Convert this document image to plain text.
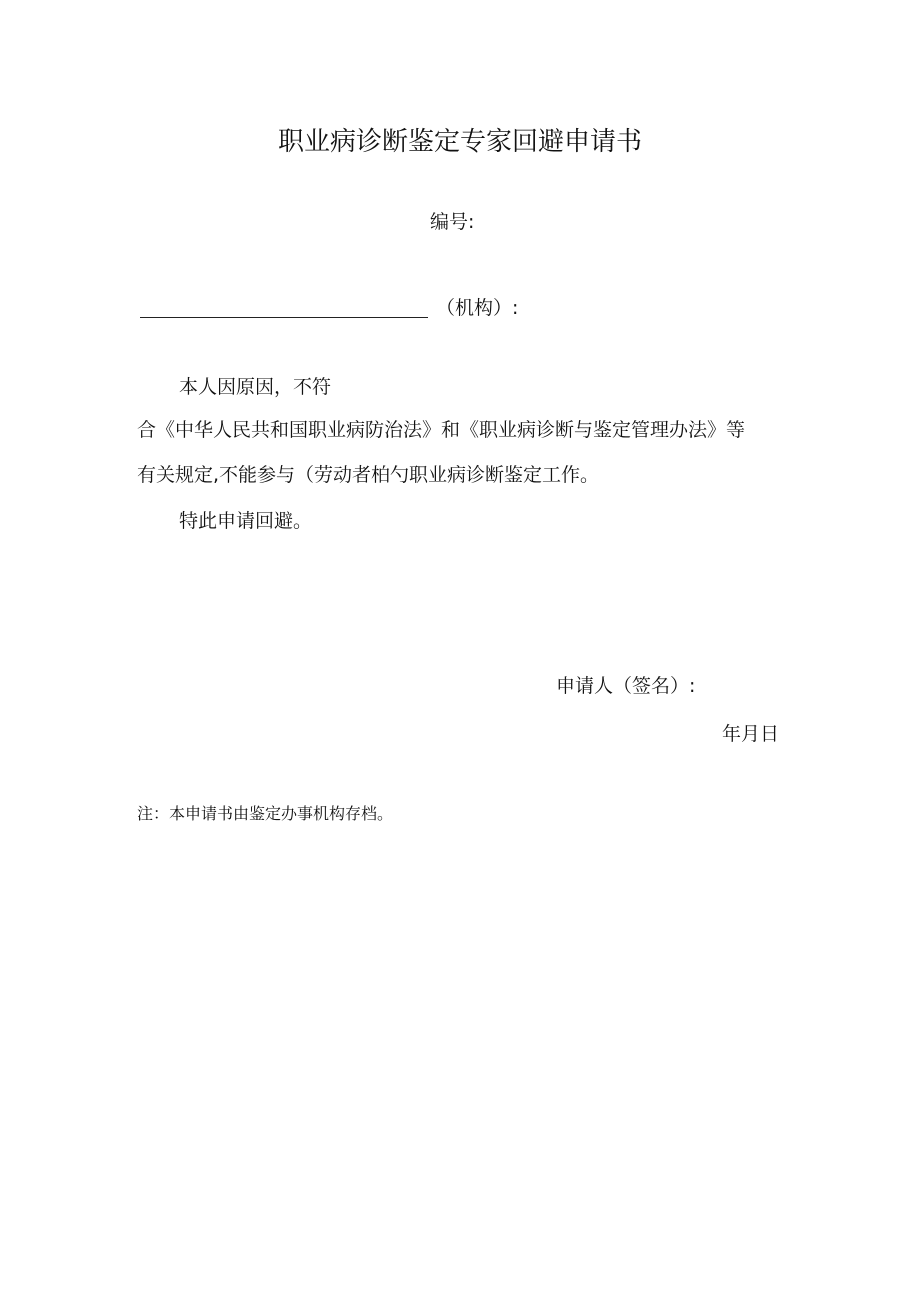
职业病诊断鉴定专家回避申请书
编号:
（机构）:
本人因原因，不符
合《中华人民共和国职业病防治法》和《职业病诊断与鉴定管理办法》等
有关规定,不能参与（劳动者柏勺职业病诊断鉴定工作。
特此申请回避。
申请人（签名）:
年月日
注：本申请书由鉴定办事机构存档。
